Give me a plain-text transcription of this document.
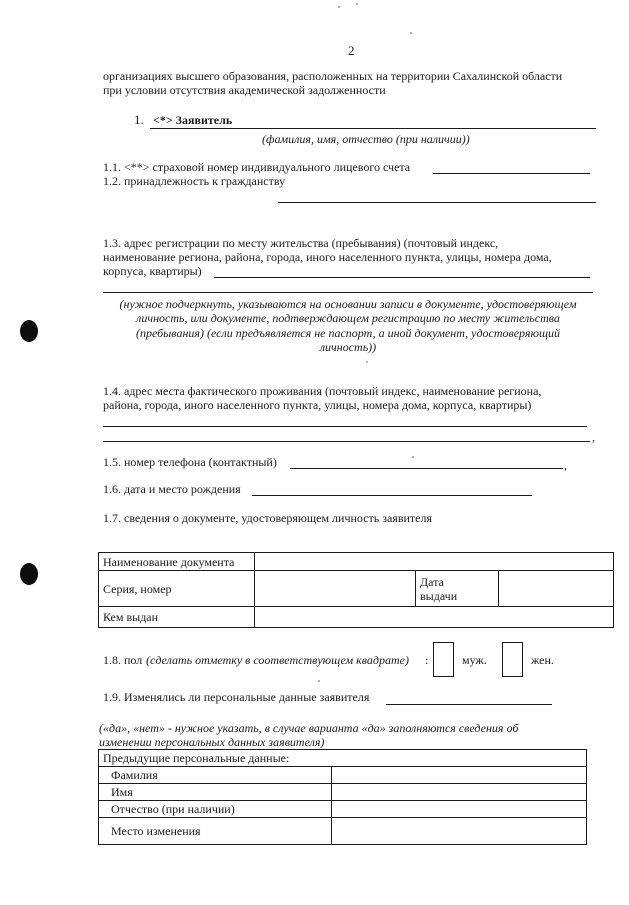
2
организациях высшего образования, расположенных на территории Сахалинской области
при условии отсутствия академической задолженности
1. <*> Заявитель
(фамилия, имя, отчество (при наличии))
1.1. <**> страховой номер индивидуального лицевого счета
1.2. принадлежность к гражданству
1.3. адрес регистрации по месту жительства (пребывания) (почтовый индекс,
наименование региона, района, города, иного населенного пункта, улицы, номера дома,
корпуса, квартиры)
(нужное подчеркнуть, указываются на основании записи в документе, удостоверяющем
личность, или документе, подтверждающем регистрацию по месту жительства
(пребывания) (если предъявляется не паспорт, а иной документ, удостоверяющий
личность))
1.4. адрес места фактического проживания (почтовый индекс, наименование региона,
района, города, иного населенного пункта, улицы, номера дома, корпуса, квартиры)
,
1.5. номер телефона (контактный)	,
1.6. дата и место рождения
1.7. сведения о документе, удостоверяющем личность заявителя
Наименование документа			
Серия, номер		Дата
выдачи	
Кем выдан			
1.8. пол (сделать отметку в соответствующем квадрате) :	муж.	жен.
1.9. Изменялись ли персональные данные заявителя
(«да», «нет» - нужное указать, в случае варианта «да» заполняются сведения об
изменении персональных данных заявителя)
Предыдущие персональные данные:	
Фамилия	
Имя	
Отчество (при наличии)	
Место изменения	
